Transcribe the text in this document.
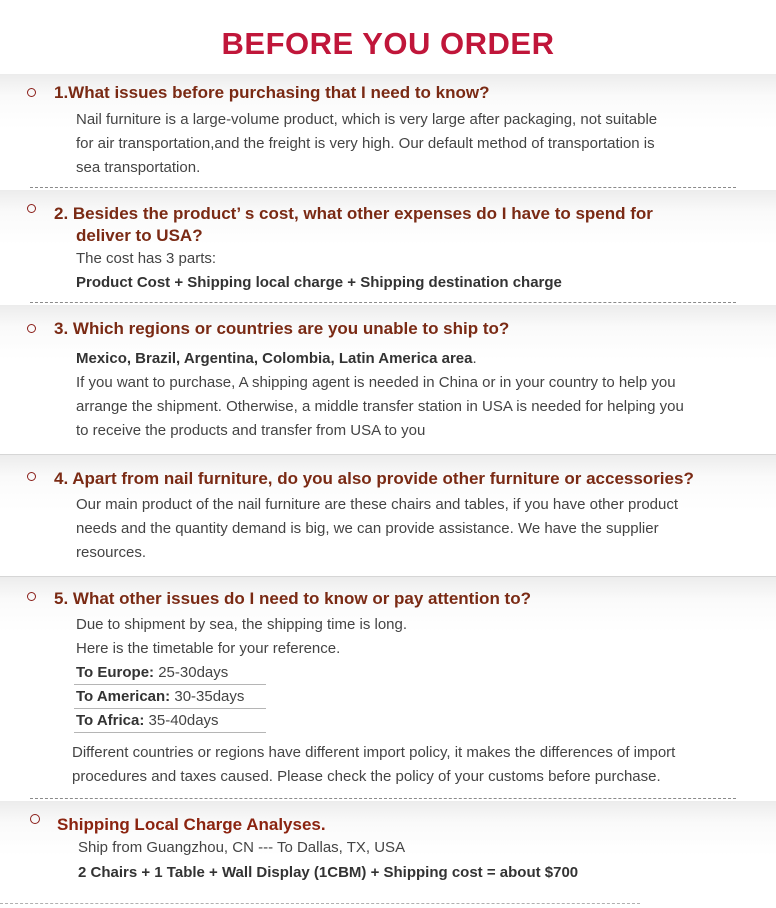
BEFORE YOU ORDER
1.What issues before purchasing that I need to know?
Nail furniture is a large-volume product, which is very large after packaging, not suitable
for air transportation,and the freight is very high. Our default method of transportation is
sea transportation.
2. Besides the product’ s cost, what other expenses do I have to spend for
deliver to USA?
The cost has 3 parts:
Product Cost + Shipping local charge + Shipping destination charge
3. Which regions or countries are you unable to ship to?
Mexico, Brazil, Argentina, Colombia, Latin America area.
If you want to purchase, A shipping agent is needed in China or in your country to help you
arrange the shipment. Otherwise, a middle transfer station in USA is needed for helping you
to receive the products and transfer from USA to you
4. Apart from nail furniture, do you also provide other furniture or accessories?
Our main product of the nail furniture are these chairs and tables, if you have other product
needs and the quantity demand is big, we can provide assistance. We have the supplier
resources.
5. What other issues do I need to know or pay attention to?
Due to shipment by sea, the shipping time is long.
Here is the timetable for your reference.
To Europe: 25-30days
To American: 30-35days
To Africa: 35-40days
Different countries or regions have different import policy, it makes the differences of import
procedures and taxes caused. Please check the policy of your customs before purchase.
Shipping Local Charge Analyses.
Ship from Guangzhou, CN --- To Dallas, TX, USA
2 Chairs + 1 Table + Wall Display (1CBM) + Shipping cost = about $700
